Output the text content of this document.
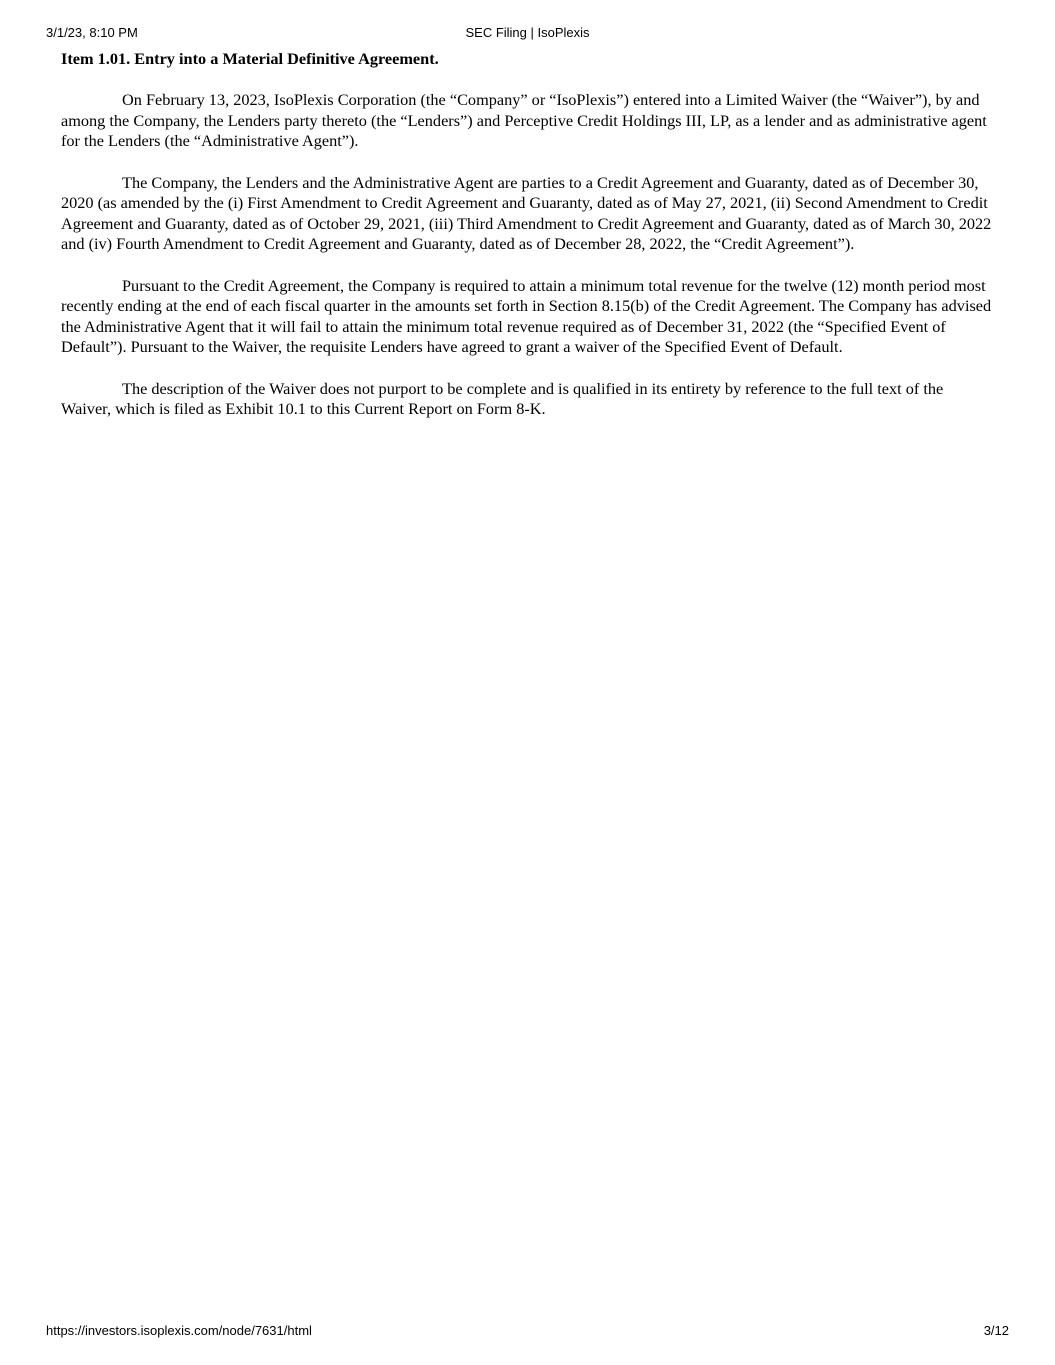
3/1/23, 8:10 PM	SEC Filing | IsoPlexis
Item 1.01. Entry into a Material Definitive Agreement.

On February 13, 2023, IsoPlexis Corporation (the “Company” or “IsoPlexis”) entered into a Limited Waiver (the “Waiver”), by and among the Company, the Lenders party thereto (the “Lenders”) and Perceptive Credit Holdings III, LP, as a lender and as administrative agent for the Lenders (the “Administrative Agent”).

The Company, the Lenders and the Administrative Agent are parties to a Credit Agreement and Guaranty, dated as of December 30, 2020 (as amended by the (i) First Amendment to Credit Agreement and Guaranty, dated as of May 27, 2021, (ii) Second Amendment to Credit Agreement and Guaranty, dated as of October 29, 2021, (iii) Third Amendment to Credit Agreement and Guaranty, dated as of March 30, 2022 and (iv) Fourth Amendment to Credit Agreement and Guaranty, dated as of December 28, 2022, the “Credit Agreement”).

Pursuant to the Credit Agreement, the Company is required to attain a minimum total revenue for the twelve (12) month period most recently ending at the end of each fiscal quarter in the amounts set forth in Section 8.15(b) of the Credit Agreement. The Company has advised the Administrative Agent that it will fail to attain the minimum total revenue required as of December 31, 2022 (the “Specified Event of Default”). Pursuant to the Waiver, the requisite Lenders have agreed to grant a waiver of the Specified Event of Default.

The description of the Waiver does not purport to be complete and is qualified in its entirety by reference to the full text of the Waiver, which is filed as Exhibit 10.1 to this Current Report on Form 8-K.

https://investors.isoplexis.com/node/7631/html	3/12
